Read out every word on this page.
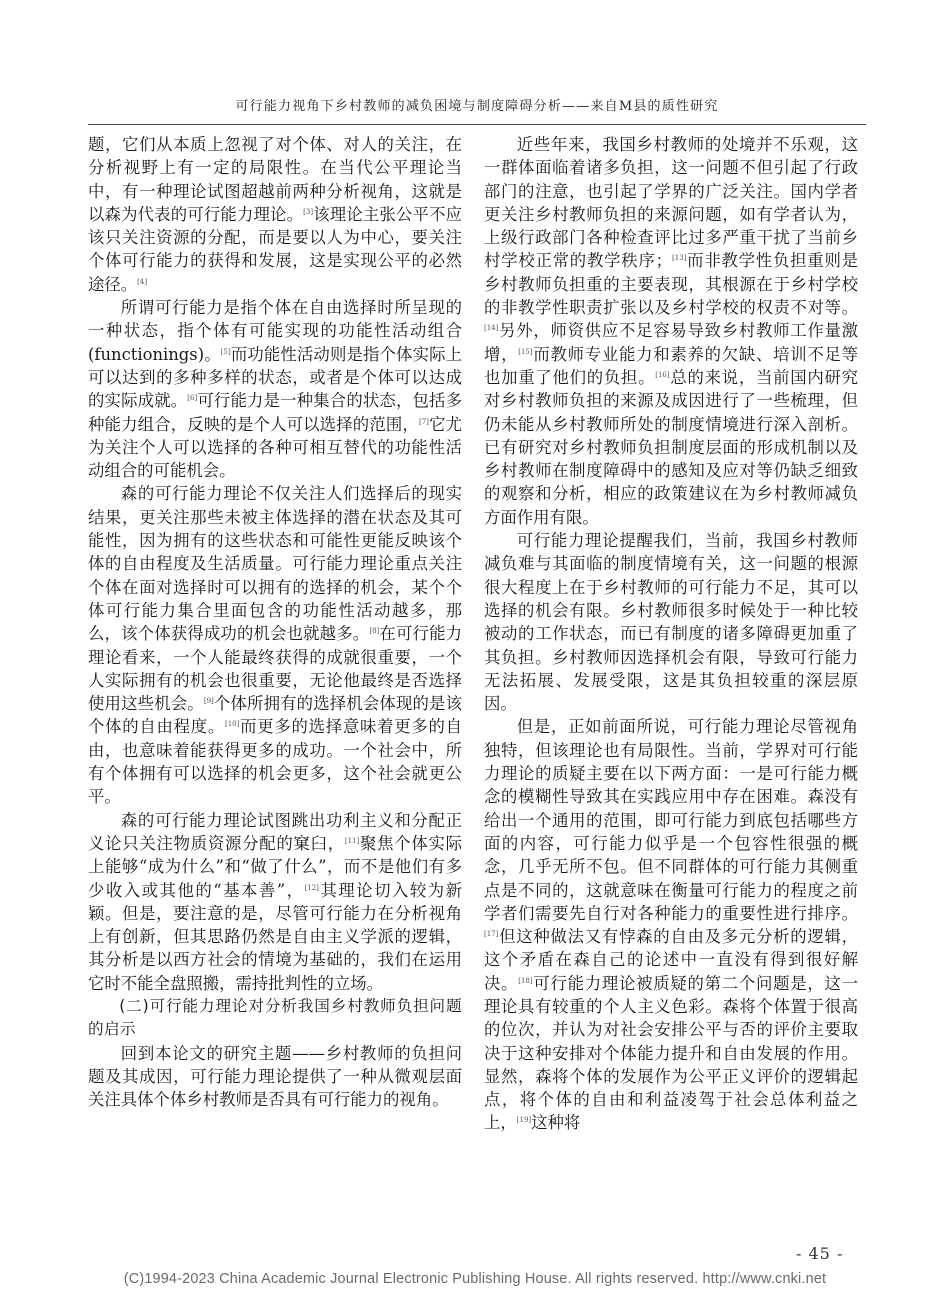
可行能力视角下乡村教师的减负困境与制度障碍分析——来自M县的质性研究

题，它们从本质上忽视了对个体、对人的关注，在分析视野上有一定的局限性。在当代公平理论当中，有一种理论试图超越前两种分析视角，这就是以森为代表的可行能力理论。[3]该理论主张公平不应该只关注资源的分配，而是要以人为中心，要关注个体可行能力的获得和发展，这是实现公平的必然途径。[4]

所谓可行能力是指个体在自由选择时所呈现的一种状态，指个体有可能实现的功能性活动组合(functionings)。[5]而功能性活动则是指个体实际上可以达到的多种多样的状态，或者是个体可以达成的实际成就。[6]可行能力是一种集合的状态，包括多种能力组合，反映的是个人可以选择的范围，[7]它尤为关注个人可以选择的各种可相互替代的功能性活动组合的可能机会。

森的可行能力理论不仅关注人们选择后的现实结果，更关注那些未被主体选择的潜在状态及其可能性，因为拥有的这些状态和可能性更能反映该个体的自由程度及生活质量。可行能力理论重点关注个体在面对选择时可以拥有的选择的机会，某个个体可行能力集合里面包含的功能性活动越多，那么，该个体获得成功的机会也就越多。[8]在可行能力理论看来，一个人能最终获得的成就很重要，一个人实际拥有的机会也很重要，无论他最终是否选择使用这些机会。[9]个体所拥有的选择机会体现的是该个体的自由程度。[10]而更多的选择意味着更多的自由，也意味着能获得更多的成功。一个社会中，所有个体拥有可以选择的机会更多，这个社会就更公平。

森的可行能力理论试图跳出功利主义和分配正义论只关注物质资源分配的窠臼，[11]聚焦个体实际上能够“成为什么”和“做了什么”，而不是他们有多少收入或其他的“基本善”，[12]其理论切入较为新颖。但是，要注意的是，尽管可行能力在分析视角上有创新，但其思路仍然是自由主义学派的逻辑，其分析是以西方社会的情境为基础的，我们在运用它时不能全盘照搬，需持批判性的立场。

(二)可行能力理论对分析我国乡村教师负担问题的启示

回到本论文的研究主题——乡村教师的负担问题及其成因，可行能力理论提供了一种从微观层面关注具体个体乡村教师是否具有可行能力的视角。

近些年来，我国乡村教师的处境并不乐观，这一群体面临着诸多负担，这一问题不但引起了行政部门的注意，也引起了学界的广泛关注。国内学者更关注乡村教师负担的来源问题，如有学者认为，上级行政部门各种检查评比过多严重干扰了当前乡村学校正常的教学秩序；[13]而非教学性负担重则是乡村教师负担重的主要表现，其根源在于乡村学校的非教学性职责扩张以及乡村学校的权责不对等。[14]另外，师资供应不足容易导致乡村教师工作量激增，[15]而教师专业能力和素养的欠缺、培训不足等也加重了他们的负担。[16]总的来说，当前国内研究对乡村教师负担的来源及成因进行了一些梳理，但仍未能从乡村教师所处的制度情境进行深入剖析。已有研究对乡村教师负担制度层面的形成机制以及乡村教师在制度障碍中的感知及应对等仍缺乏细致的观察和分析，相应的政策建议在为乡村教师减负方面作用有限。

可行能力理论提醒我们，当前，我国乡村教师减负难与其面临的制度情境有关，这一问题的根源很大程度上在于乡村教师的可行能力不足，其可以选择的机会有限。乡村教师很多时候处于一种比较被动的工作状态，而已有制度的诸多障碍更加重了其负担。乡村教师因选择机会有限，导致可行能力无法拓展、发展受限，这是其负担较重的深层原因。

但是，正如前面所说，可行能力理论尽管视角独特，但该理论也有局限性。当前，学界对可行能力理论的质疑主要在以下两方面：一是可行能力概念的模糊性导致其在实践应用中存在困难。森没有给出一个通用的范围，即可行能力到底包括哪些方面的内容，可行能力似乎是一个包容性很强的概念，几乎无所不包。但不同群体的可行能力其侧重点是不同的，这就意味在衡量可行能力的程度之前学者们需要先自行对各种能力的重要性进行排序。[17]但这种做法又有悖森的自由及多元分析的逻辑，这个矛盾在森自己的论述中一直没有得到很好解决。[18]可行能力理论被质疑的第二个问题是，这一理论具有较重的个人主义色彩。森将个体置于很高的位次，并认为对社会安排公平与否的评价主要取决于这种安排对个体能力提升和自由发展的作用。显然，森将个体的发展作为公平正义评价的逻辑起点，将个体的自由和利益凌驾于社会总体利益之上，[19]这种将

- 45 -
(C)1994-2023 China Academic Journal Electronic Publishing House. All rights reserved. http://www.cnki.net
